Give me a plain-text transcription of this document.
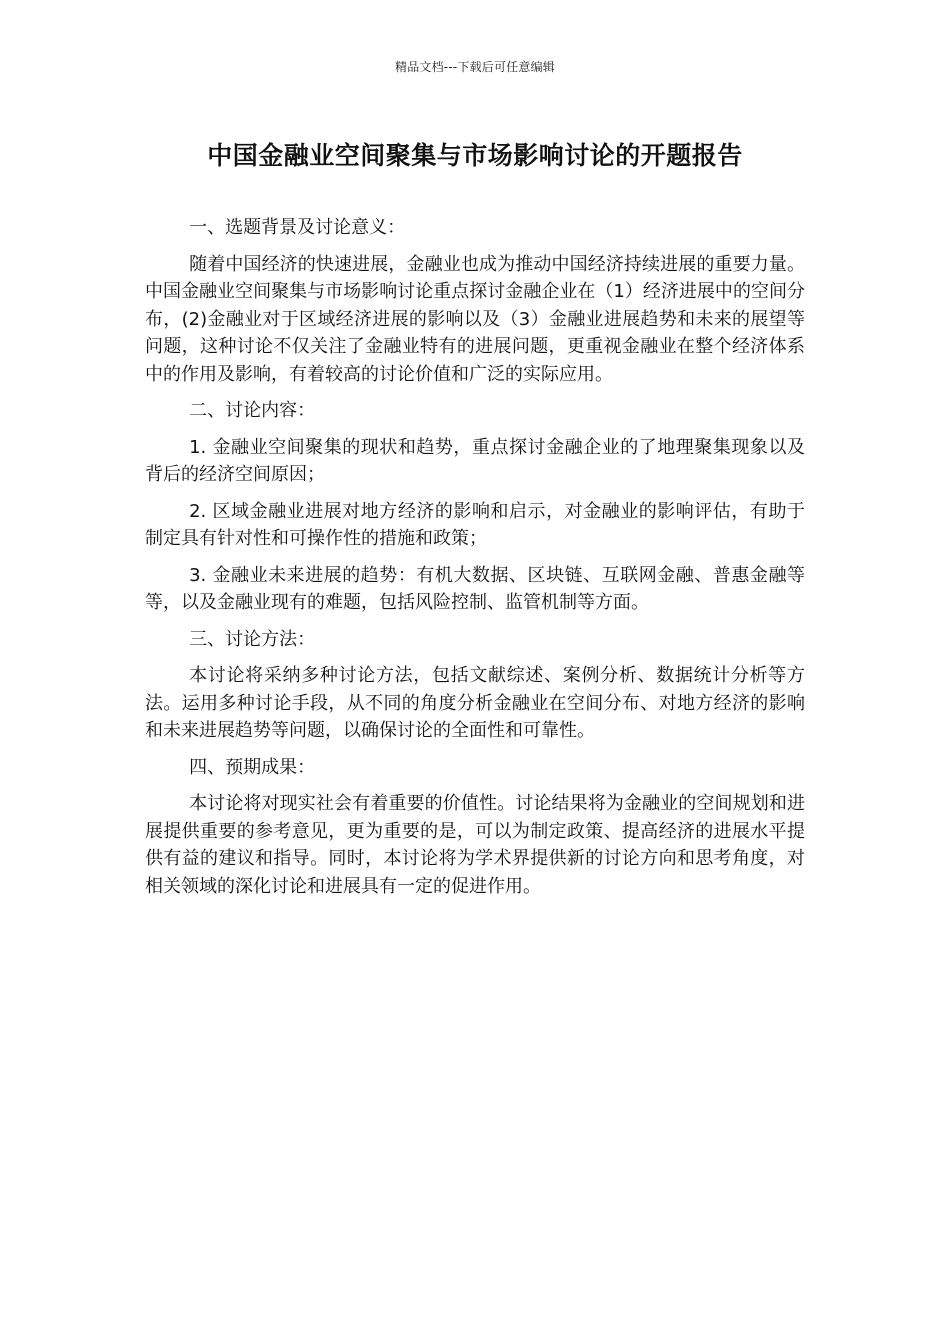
精品文档---下载后可任意编辑
中国金融业空间聚集与市场影响讨论的开题报告
一、选题背景及讨论意义：
随着中国经济的快速进展，金融业也成为推动中国经济持续进展的重要力量。中国金融业空间聚集与市场影响讨论重点探讨金融企业在（1）经济进展中的空间分布，(2)金融业对于区域经济进展的影响以及（3）金融业进展趋势和未来的展望等问题，这种讨论不仅关注了金融业特有的进展问题，更重视金融业在整个经济体系中的作用及影响，有着较高的讨论价值和广泛的实际应用。
二、讨论内容：
1. 金融业空间聚集的现状和趋势，重点探讨金融企业的了地理聚集现象以及背后的经济空间原因；
2. 区域金融业进展对地方经济的影响和启示，对金融业的影响评估，有助于制定具有针对性和可操作性的措施和政策；
3. 金融业未来进展的趋势：有机大数据、区块链、互联网金融、普惠金融等等，以及金融业现有的难题，包括风险控制、监管机制等方面。
三、讨论方法：
本讨论将采纳多种讨论方法，包括文献综述、案例分析、数据统计分析等方法。运用多种讨论手段，从不同的角度分析金融业在空间分布、对地方经济的影响和未来进展趋势等问题，以确保讨论的全面性和可靠性。
四、预期成果：
本讨论将对现实社会有着重要的价值性。讨论结果将为金融业的空间规划和进展提供重要的参考意见，更为重要的是，可以为制定政策、提高经济的进展水平提供有益的建议和指导。同时，本讨论将为学术界提供新的讨论方向和思考角度，对相关领域的深化讨论和进展具有一定的促进作用。
